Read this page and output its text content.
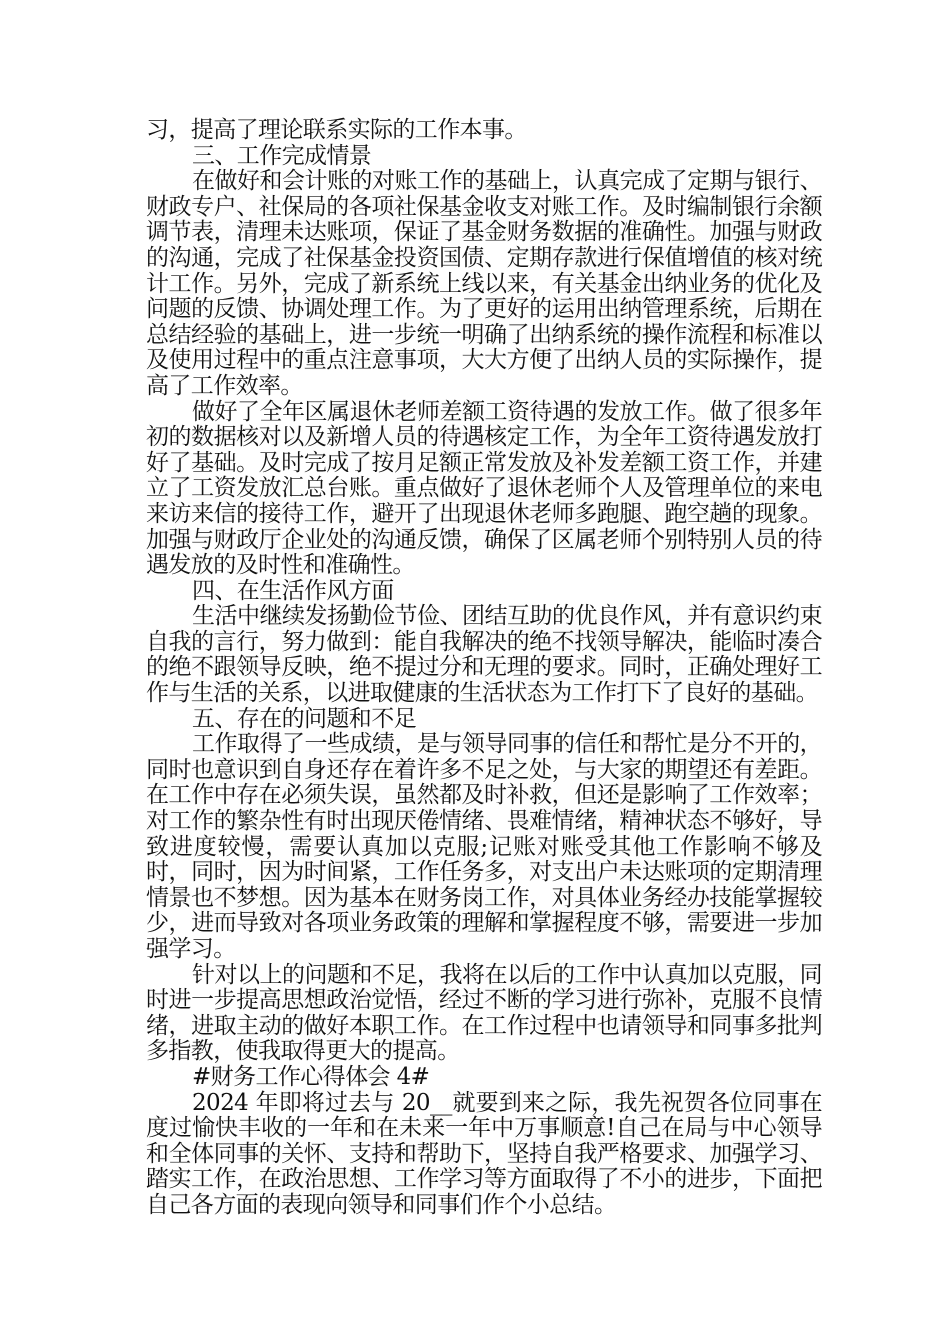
习，提高了理论联系实际的工作本事。

三、工作完成情景

在做好和会计账的对账工作的基础上，认真完成了定期与银行、财政专户、社保局的各项社保基金收支对账工作。及时编制银行余额调节表，清理未达账项，保证了基金财务数据的准确性。加强与财政的沟通，完成了社保基金投资国债、定期存款进行保值增值的核对统计工作。另外，完成了新系统上线以来，有关基金出纳业务的优化及问题的反馈、协调处理工作。为了更好的运用出纳管理系统，后期在总结经验的基础上，进一步统一明确了出纳系统的操作流程和标准以及使用过程中的重点注意事项，大大方便了出纳人员的实际操作，提高了工作效率。

做好了全年区属退休老师差额工资待遇的发放工作。做了很多年初的数据核对以及新增人员的待遇核定工作，为全年工资待遇发放打好了基础。及时完成了按月足额正常发放及补发差额工资工作，并建立了工资发放汇总台账。重点做好了退休老师个人及管理单位的来电来访来信的接待工作，避开了出现退休老师多跑腿、跑空趟的现象。加强与财政厅企业处的沟通反馈，确保了区属老师个别特别人员的待遇发放的及时性和准确性。

四、在生活作风方面

生活中继续发扬勤俭节俭、团结互助的优良作风，并有意识约束自我的言行，努力做到：能自我解决的绝不找领导解决，能临时凑合的绝不跟领导反映，绝不提过分和无理的要求。同时，正确处理好工作与生活的关系，以进取健康的生活状态为工作打下了良好的基础。

五、存在的问题和不足

工作取得了一些成绩，是与领导同事的信任和帮忙是分不开的，同时也意识到自身还存在着许多不足之处，与大家的期望还有差距。在工作中存在必须失误，虽然都及时补救，但还是影响了工作效率；对工作的繁杂性有时出现厌倦情绪、畏难情绪，精神状态不够好，导致进度较慢，需要认真加以克服;记账对账受其他工作影响不够及时，同时，因为时间紧，工作任务多，对支出户未达账项的定期清理情景也不梦想。因为基本在财务岗工作，对具体业务经办技能掌握较少，进而导致对各项业务政策的理解和掌握程度不够，需要进一步加强学习。

针对以上的问题和不足，我将在以后的工作中认真加以克服，同时进一步提高思想政治觉悟，经过不断的学习进行弥补，克服不良情绪，进取主动的做好本职工作。在工作过程中也请领导和同事多批判多指教，使我取得更大的提高。

#财务工作心得体会 4#

2024 年即将过去与 20__就要到来之际，我先祝贺各位同事在度过愉快丰收的一年和在未来一年中万事顺意!自己在局与中心领导和全体同事的关怀、支持和帮助下，坚持自我严格要求、加强学习、踏实工作，在政治思想、工作学习等方面取得了不小的进步，下面把自己各方面的表现向领导和同事们作个小总结。
